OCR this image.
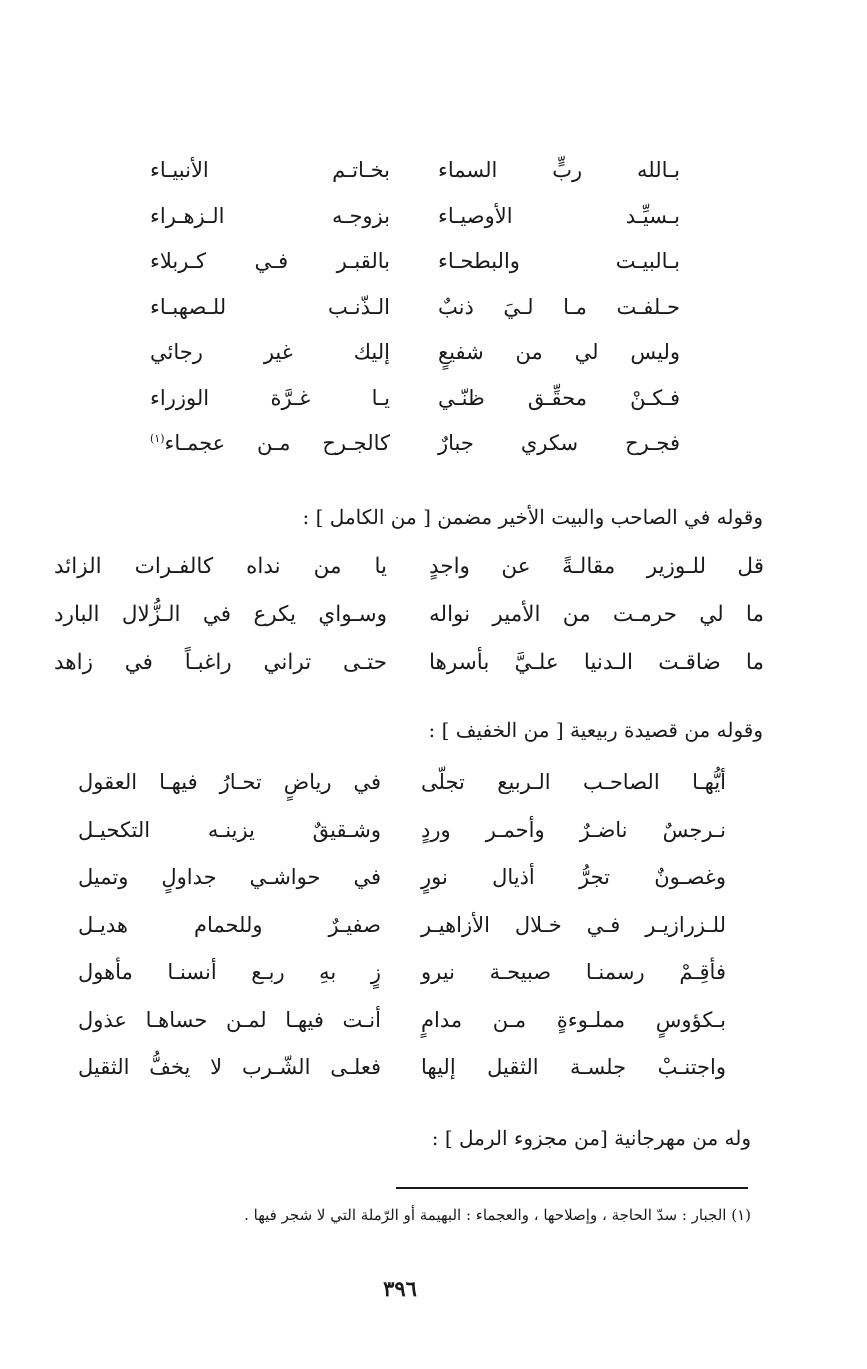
بـالله ربٍّ السماء
بخـاتـم الأنبيـاء
بـسيِّـد الأوصيـاء
بزوجـه الـزهـراء
بـالبيـت والبطحـاء
بالقبـر فـي كـربلاء
حـلفـت مـا لـيَ ذنبٌ
الـذّنـب للـصهبـاء
وليس لي من شفيعٍ
إليك غير رجائي
فـكـنْ محقِّـق ظنّـي
يـا غـرَّة الوزراء
فجـرح سكري جبارٌ
كالجـرح مـن عجمـاء$^{(١)}$
وقوله في الصاحب والبيت الأخير مضمن [ من الكامل ] :
قل للـوزير مقالـةً عن واجدٍ
يا من نداه كالفـرات الزائد
ما لي حرمـت من الأمير نواله
وسـواي يكرع في الـزُّلال البارد
ما ضاقـت الـدنيا علـيَّ بأسرها
حتـى تراني راغبـاً في زاهد
وقوله من قصيدة ربيعية [ من الخفيف ] :
أيُّهـا الصاحـب الـربيع تجلّى
في رياضٍ تحـارُ فيهـا العقول
نـرجسٌ ناضـرٌ وأحمـر وردٍ
وشـقيقٌ يزينـه التكحيـل
وغصـونٌ تجرُّ أذيال نورٍ
في حواشـي جداولٍ وتميل
للـزرازيـر فـي خـلال الأزاهيـر
صفيـرٌ وللحمام هديـل
فأقِـمْ رسمنـا صبيحـة نيرو
زٍ بهِ ربـع أنسنـا مأهول
بـكؤوسٍ مملـوءةٍ مـن مدامٍ
أنـت فيهـا لمـن حساهـا عذول
واجتنـبْ جلسـة الثقيل إليها
فعلـى الشّـرب لا يخفُّ الثقيل
وله من مهرجانية [من مجزوء الرمل ] :
(١) الجبار : سدّ الحاجة ، وإصلاحها ، والعجماء : البهيمة أو الرّملة التي لا شجر فيها .
٣٩٦
